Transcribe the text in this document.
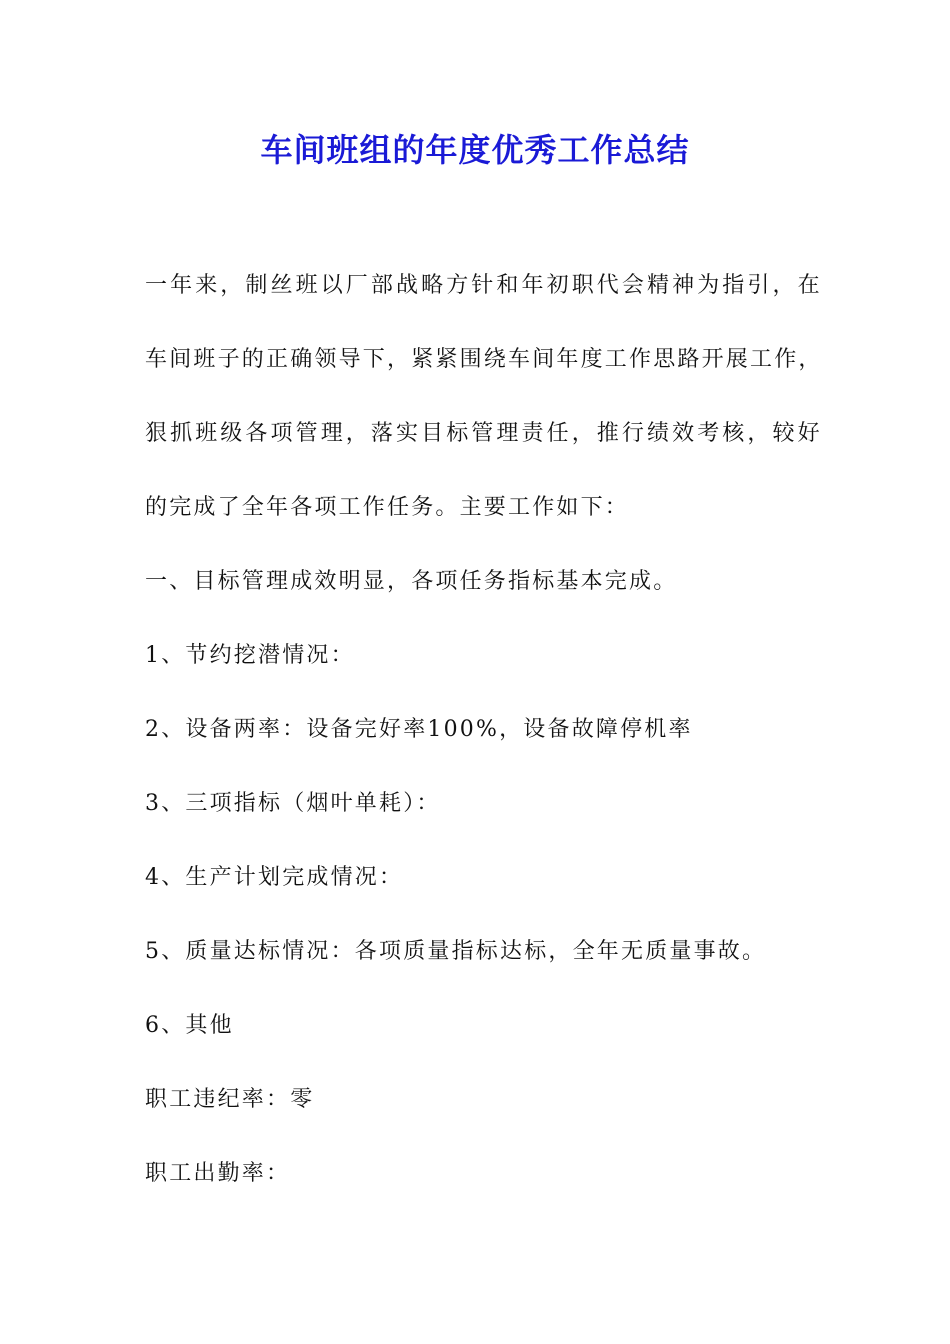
车间班组的年度优秀工作总结
一年来，制丝班以厂部战略方针和年初职代会精神为指引，在
车间班子的正确领导下，紧紧围绕车间年度工作思路开展工作，
狠抓班级各项管理，落实目标管理责任，推行绩效考核，较好
的完成了全年各项工作任务。主要工作如下：
一、目标管理成效明显，各项任务指标基本完成。
1、节约挖潜情况：
2、设备两率：设备完好率100%，设备故障停机率
3、三项指标（烟叶单耗）：
4、生产计划完成情况：
5、质量达标情况：各项质量指标达标，全年无质量事故。
6、其他
职工违纪率：零
职工出勤率：
